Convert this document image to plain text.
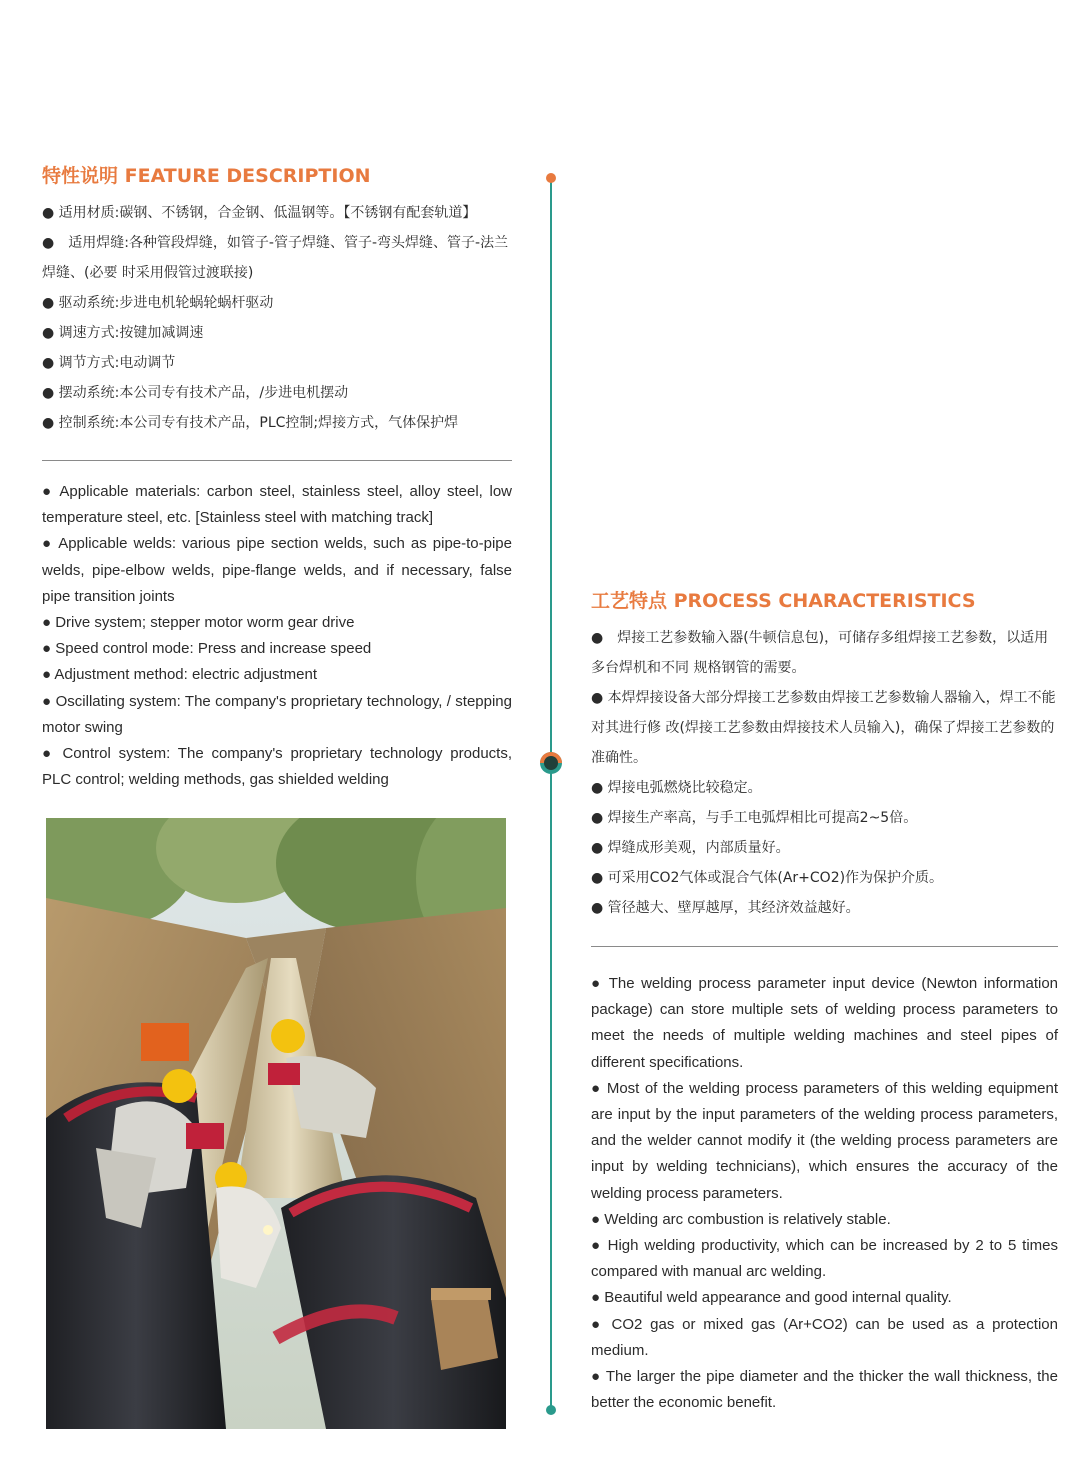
特性说明 FEATURE DESCRIPTION
● 适用材质:碳钢、不锈钢，合金钢、低温钢等。【不锈钢有配套轨道】
●　适用焊缝:各种管段焊缝，如管子-管子焊缝、管子-弯头焊缝、管子-法兰焊缝、(必要 时采用假管过渡联接)
● 驱动系统:步进电机轮蜗轮蜗杆驱动
● 调速方式:按键加减调速
● 调节方式:电动调节
● 摆动系统:本公司专有技术产品，/步进电机摆动
● 控制系统:本公司专有技术产品，PLC控制;焊接方式，气体保护焊
● Applicable materials: carbon steel, stainless steel, alloy steel, low temperature steel, etc. [Stainless steel with matching track]
● Applicable welds: various pipe section welds, such as pipe-to-pipe welds, pipe-elbow welds, pipe-flange welds, and if necessary, false pipe transition joints
● Drive system; stepper motor worm gear drive
● Speed control mode: Press and increase speed
● Adjustment method: electric adjustment
● Oscillating system: The company's proprietary technology, / stepping motor swing
● Control system: The company's proprietary technology products, PLC control; welding methods, gas shielded welding
工艺特点 PROCESS CHARACTERISTICS
●　焊接工艺参数输入器(牛顿信息包)，可储存多组焊接工艺参数，以适用多台焊机和不同 规格钢管的需要。
● 本焊焊接设备大部分焊接工艺参数由焊接工艺参数输人器输入，焊工不能对其进行修 改(焊接工艺参数由焊接技术人员输入)，确保了焊接工艺参数的准确性。
● 焊接电弧燃烧比较稳定。
● 焊接生产率高，与手工电弧焊相比可提高2~5倍。
● 焊缝成形美观，内部质量好。
● 可采用CO2气体或混合气体(Ar+CO2)作为保护介质。
● 管径越大、壁厚越厚，其经济效益越好。
● The welding process parameter input device (Newton information package) can store multiple sets of welding process parameters to meet the needs of multiple welding machines and steel pipes of different specifications.
● Most of the welding process parameters of this welding equipment are input by the input parameters of the welding process parameters, and the welder cannot modify it (the welding process parameters are input by welding technicians), which ensures the accuracy of the welding process parameters.
● Welding arc combustion is relatively stable.
● High welding productivity, which can be increased by 2 to 5 times compared with manual arc welding.
● Beautiful weld appearance and good internal quality.
● CO2 gas or mixed gas (Ar+CO2) can be used as a protection medium.
● The larger the pipe diameter and the thicker the wall thickness, the better the economic benefit.
